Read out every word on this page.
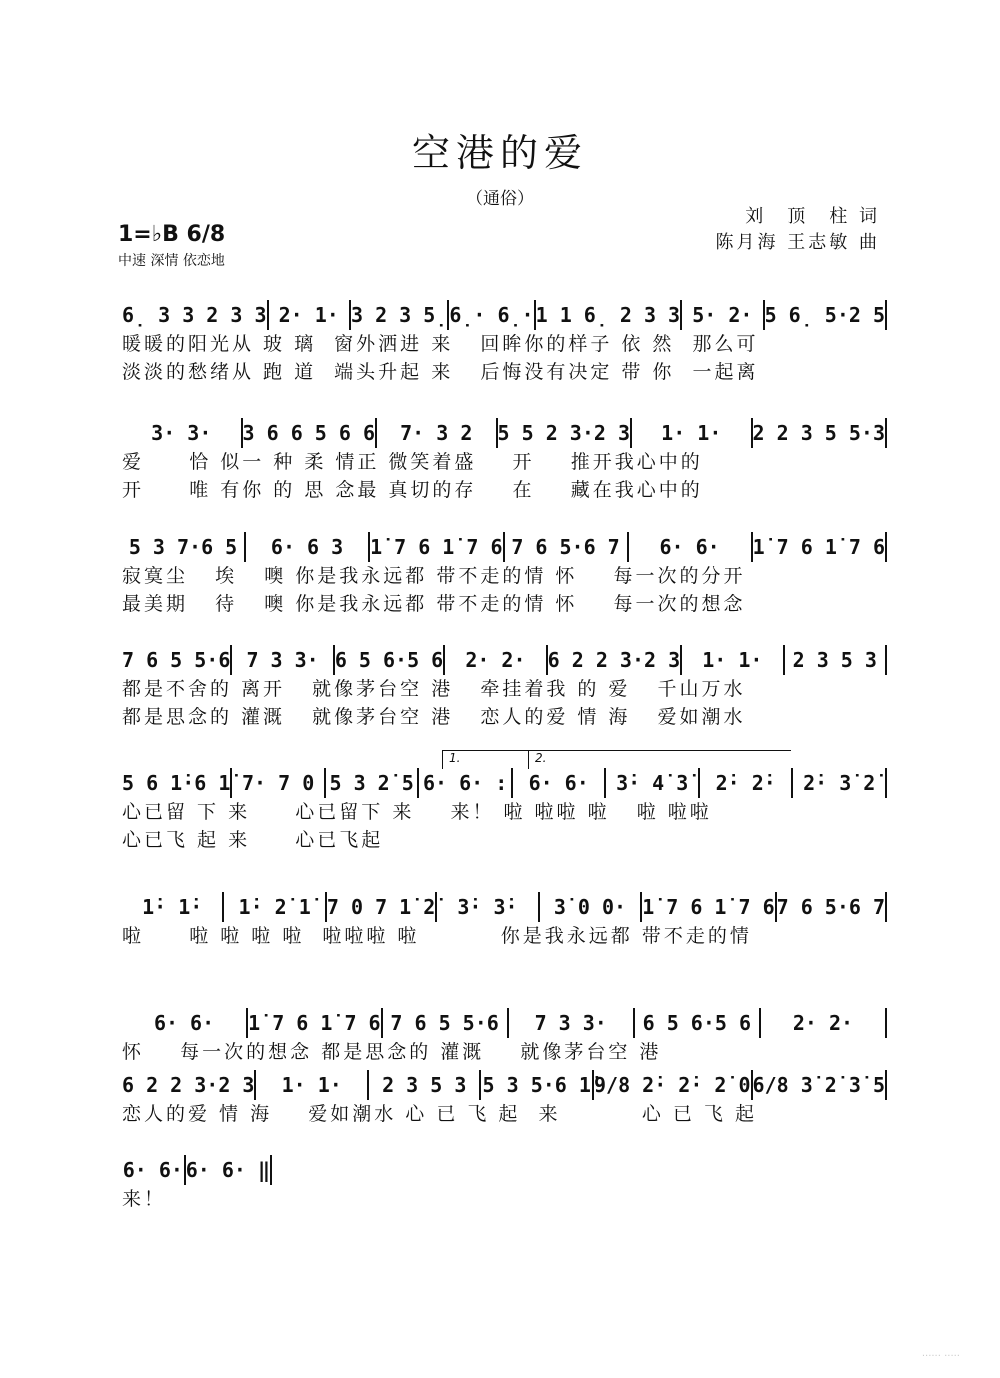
空港的爱
（通俗）
刘　顶　柱 词
陈月海 王志敏 曲
1=♭B 6/8
中速 深情 依恋地
6̣ 3 3 2 3 3 2· 1· 3 2 3 5̣ 6̣· 6̣· 1 1 6̣ 2 3 3 5· 2· 5 6̣ 5·2 5
暖暖的阳光从 玻 璃  窗外洒进 来   回眸你的样子 依 然  那么可
淡淡的愁绪从 跑 道  端头升起 来   后悔没有决定 带 你  一起离
3· 3·	3 6 6 5 6 6	7· 3 2	5 5 2 3·2 3	1· 1·	2 2 3 5 5·3
爱     恰 似一 种 柔 情正 微笑着盛    开    推开我心中的
开     唯 有你 的 思 念最 真切的存    在    藏在我心中的
5 3 7·6 5	6· 6 3	1̇ 7 6 1̇ 7 6 7 6 5·6 7	6· 6·	1̇ 7 6 1̇ 7 6
寂寞尘   埃   噢 你是我永远都 带不走的情 怀    每一次的分开
最美期   待   噢 你是我永远都 带不走的情 怀    每一次的想念
7 6 5 5·6 7 3 3· 6 5 6·5 6	2· 2·	6 2 2 3·2 3	1· 1·	2 3 5 3
都是不舍的 离开   就像茅台空 港   牵挂着我 的 爱   千山万水
都是思念的 灌溉   就像茅台空 港   恋人的爱 情 海   爱如潮水
5 6 1̇·6 1̇ 7· 7 0 5 3 2̇ 5 6· 6· :	6· 6·	3̇· 4̇ 3̇	2̇· 2̇·	2̇· 3̇ 2̇
心已留 下 来     心已留下 来    来！ 啦 啦啦 啦   啦 啦啦
心已飞 起 来     心已飞起
1.	2.
1̇· 1̇·	1̇· 2̇ 1̇ 7 0 7 1̇ 2̇	3̇· 3̇·	3̇ 0 0· 1̇ 7 6 1̇ 7 6 7 6 5·6 7
啦     啦 啦 啦 啦  啦啦啦 啦         你是我永远都 带不走的情
6· 6·	1̇ 7 6 1̇ 7 6 7 6 5 5·6	7 3 3·	6 5 6·5 6	2· 2·
怀    每一次的想念 都是思念的 灌溉    就像茅台空 港
6 2 2 3·2 3	1· 1·	2 3 5 3 5 3 5·6 1̇ 9/8 2̇· 2̇· 2̇ 0 6/8 3̇ 2̇ 3̇ 5
恋人的爱 情 海    爱如潮水 心 已 飞 起  来         心 已 飞 起
6· 6· 6· 6· ‖
来！
...... .....
